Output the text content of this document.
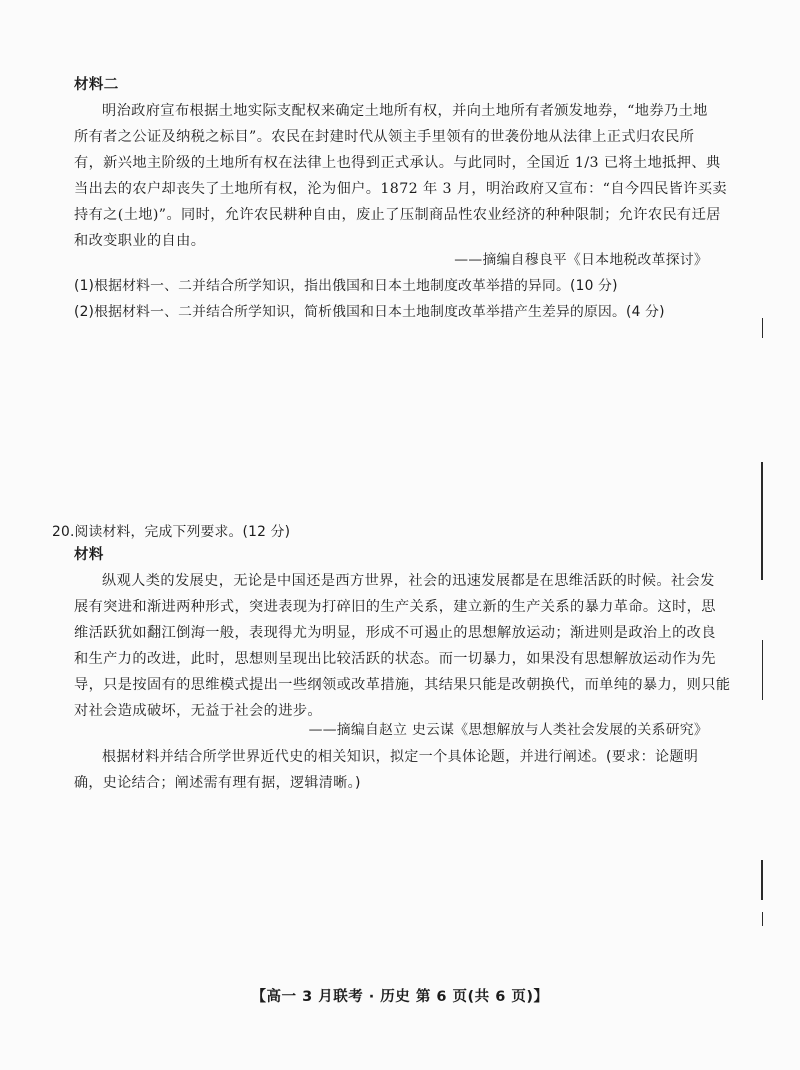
材料二
明治政府宣布根据土地实际支配权来确定土地所有权，并向土地所有者颁发地券，“地券乃土地
所有者之公证及纳税之标目”。农民在封建时代从领主手里领有的世袭份地从法律上正式归农民所
有，新兴地主阶级的土地所有权在法律上也得到正式承认。与此同时，全国近 1/3 已将土地抵押、典
当出去的农户却丧失了土地所有权，沦为佃户。1872 年 3 月，明治政府又宣布：“自今四民皆许买卖
持有之(土地)”。同时，允许农民耕种自由，废止了压制商品性农业经济的种种限制；允许农民有迁居
和改变职业的自由。
——摘编自穆良平《日本地税改革探讨》
(1)根据材料一、二并结合所学知识，指出俄国和日本土地制度改革举措的异同。(10 分)
(2)根据材料一、二并结合所学知识，简析俄国和日本土地制度改革举措产生差异的原因。(4 分)
20.阅读材料，完成下列要求。(12 分)
材料
纵观人类的发展史，无论是中国还是西方世界，社会的迅速发展都是在思维活跃的时候。社会发
展有突进和渐进两种形式，突进表现为打碎旧的生产关系，建立新的生产关系的暴力革命。这时，思
维活跃犹如翻江倒海一般，表现得尤为明显，形成不可遏止的思想解放运动；渐进则是政治上的改良
和生产力的改进，此时，思想则呈现出比较活跃的状态。而一切暴力，如果没有思想解放运动作为先
导，只是按固有的思维模式提出一些纲领或改革措施，其结果只能是改朝换代，而单纯的暴力，则只能
对社会造成破坏，无益于社会的进步。
——摘编自赵立 史云谋《思想解放与人类社会发展的关系研究》
根据材料并结合所学世界近代史的相关知识，拟定一个具体论题，并进行阐述。(要求：论题明
确，史论结合；阐述需有理有据，逻辑清晰。)
【高一 3 月联考 · 历史 第 6 页(共 6 页)】
